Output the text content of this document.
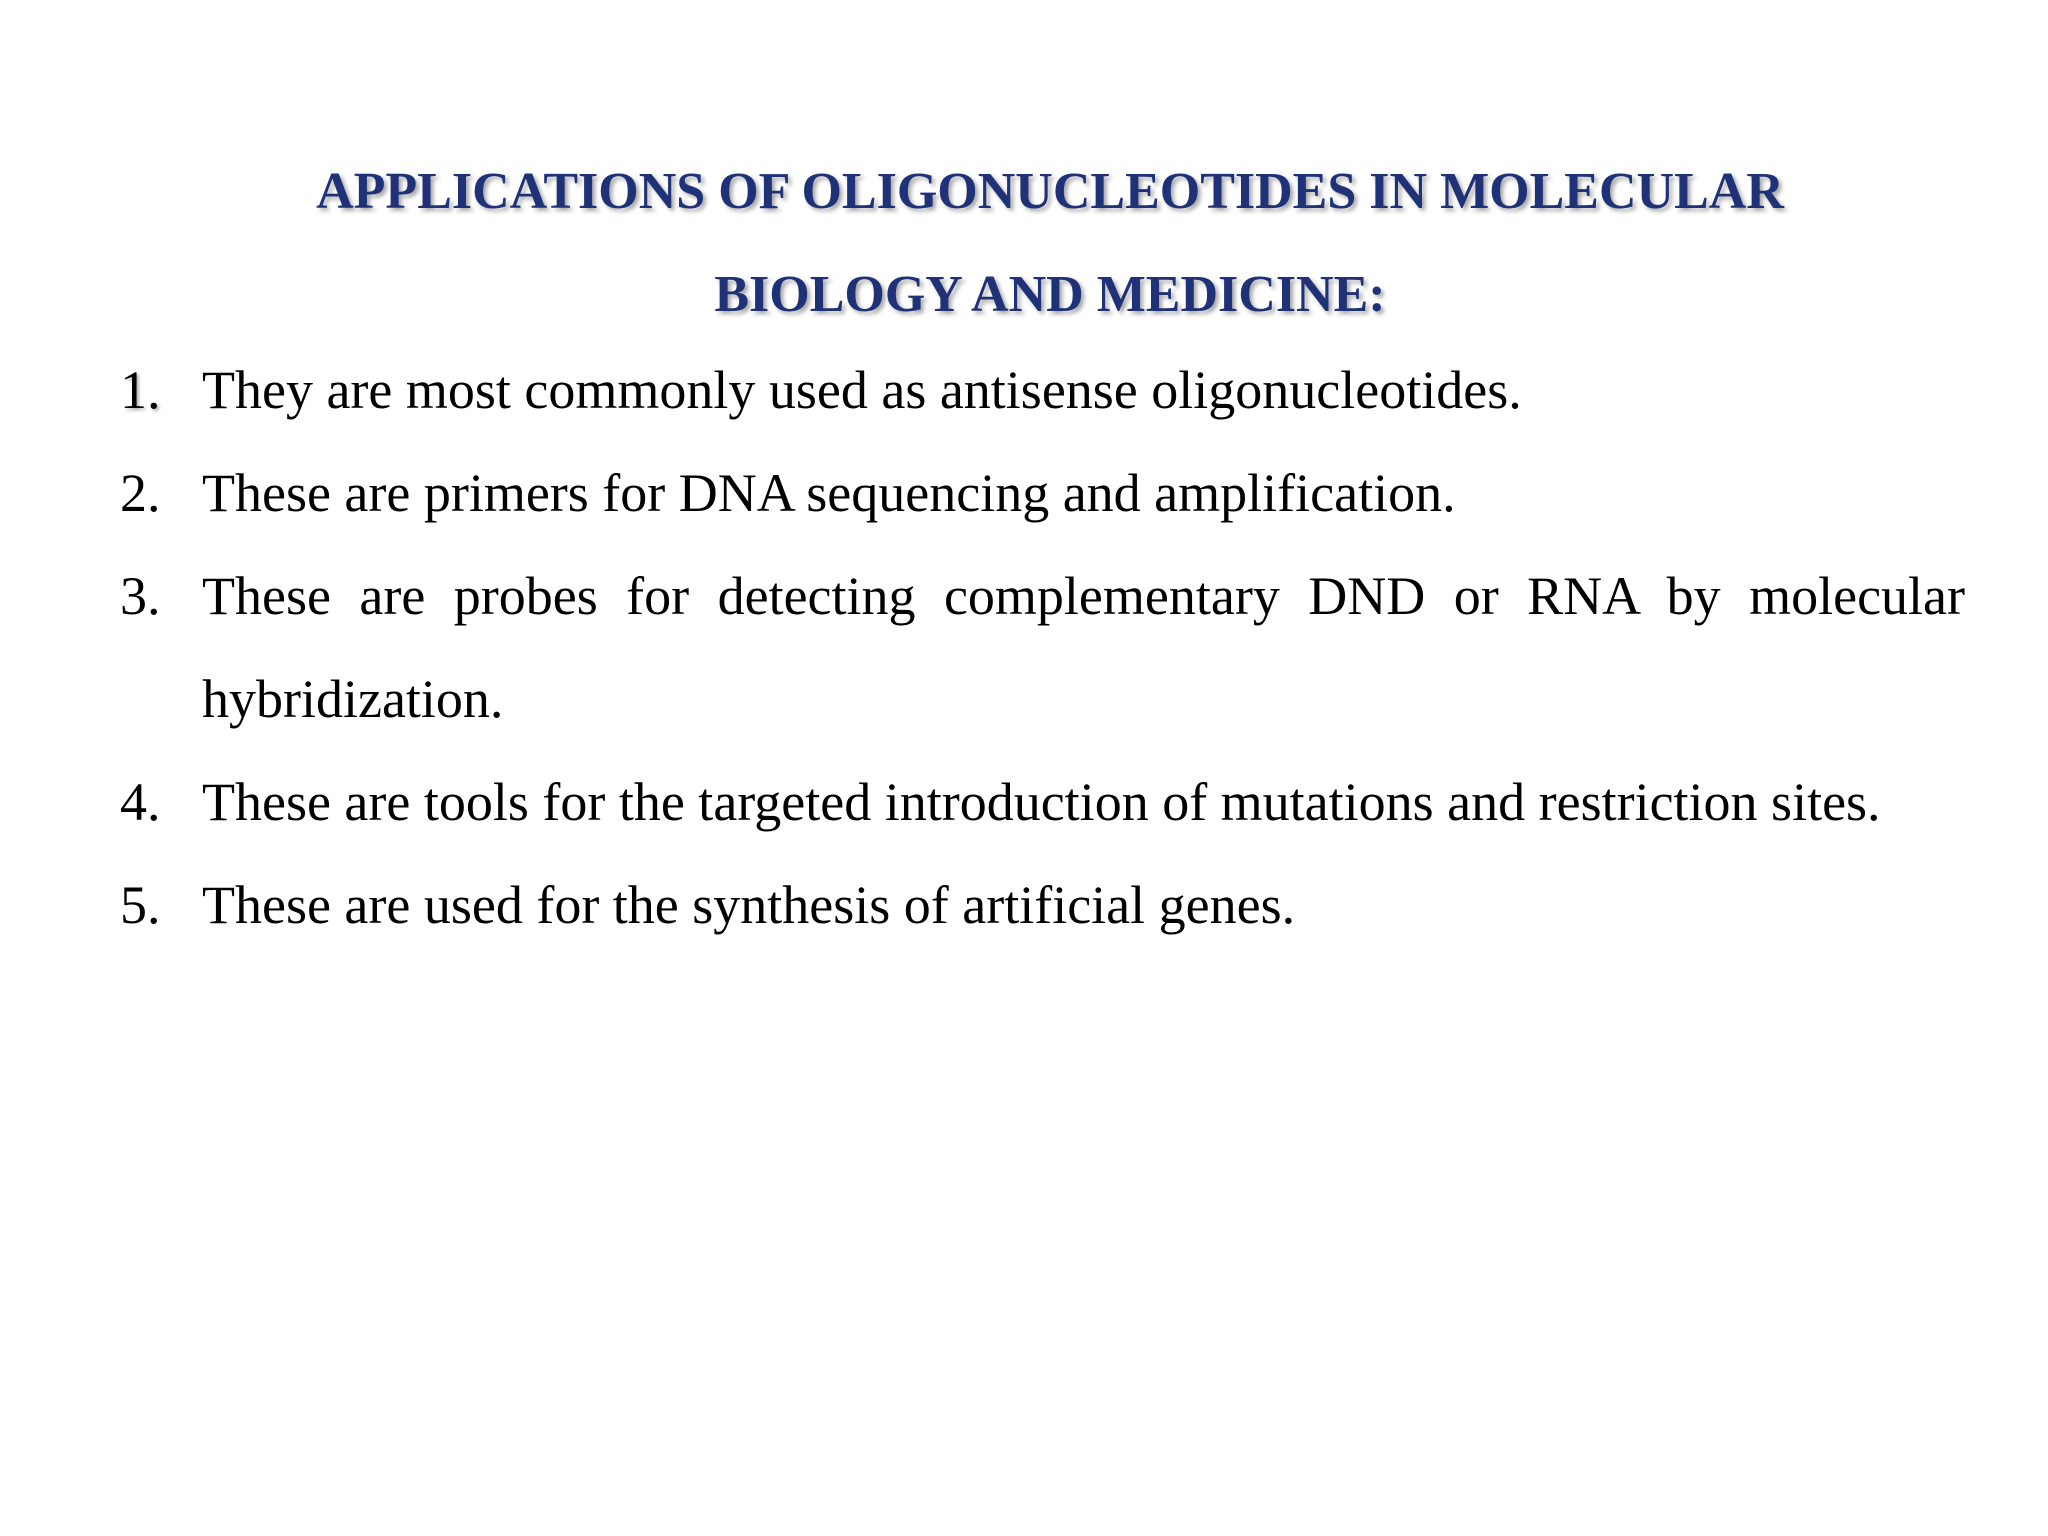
APPLICATIONS OF OLIGONUCLEOTIDES IN MOLECULAR
BIOLOGY AND MEDICINE:
1. They are most commonly used as antisense oligonucleotides.
2. These are primers for DNA sequencing and amplification.
3. These are probes for detecting complementary DND or RNA by molecular hybridization.
4. These are tools for the targeted introduction of mutations and restriction sites.
5. These are used for the synthesis of artificial genes.
